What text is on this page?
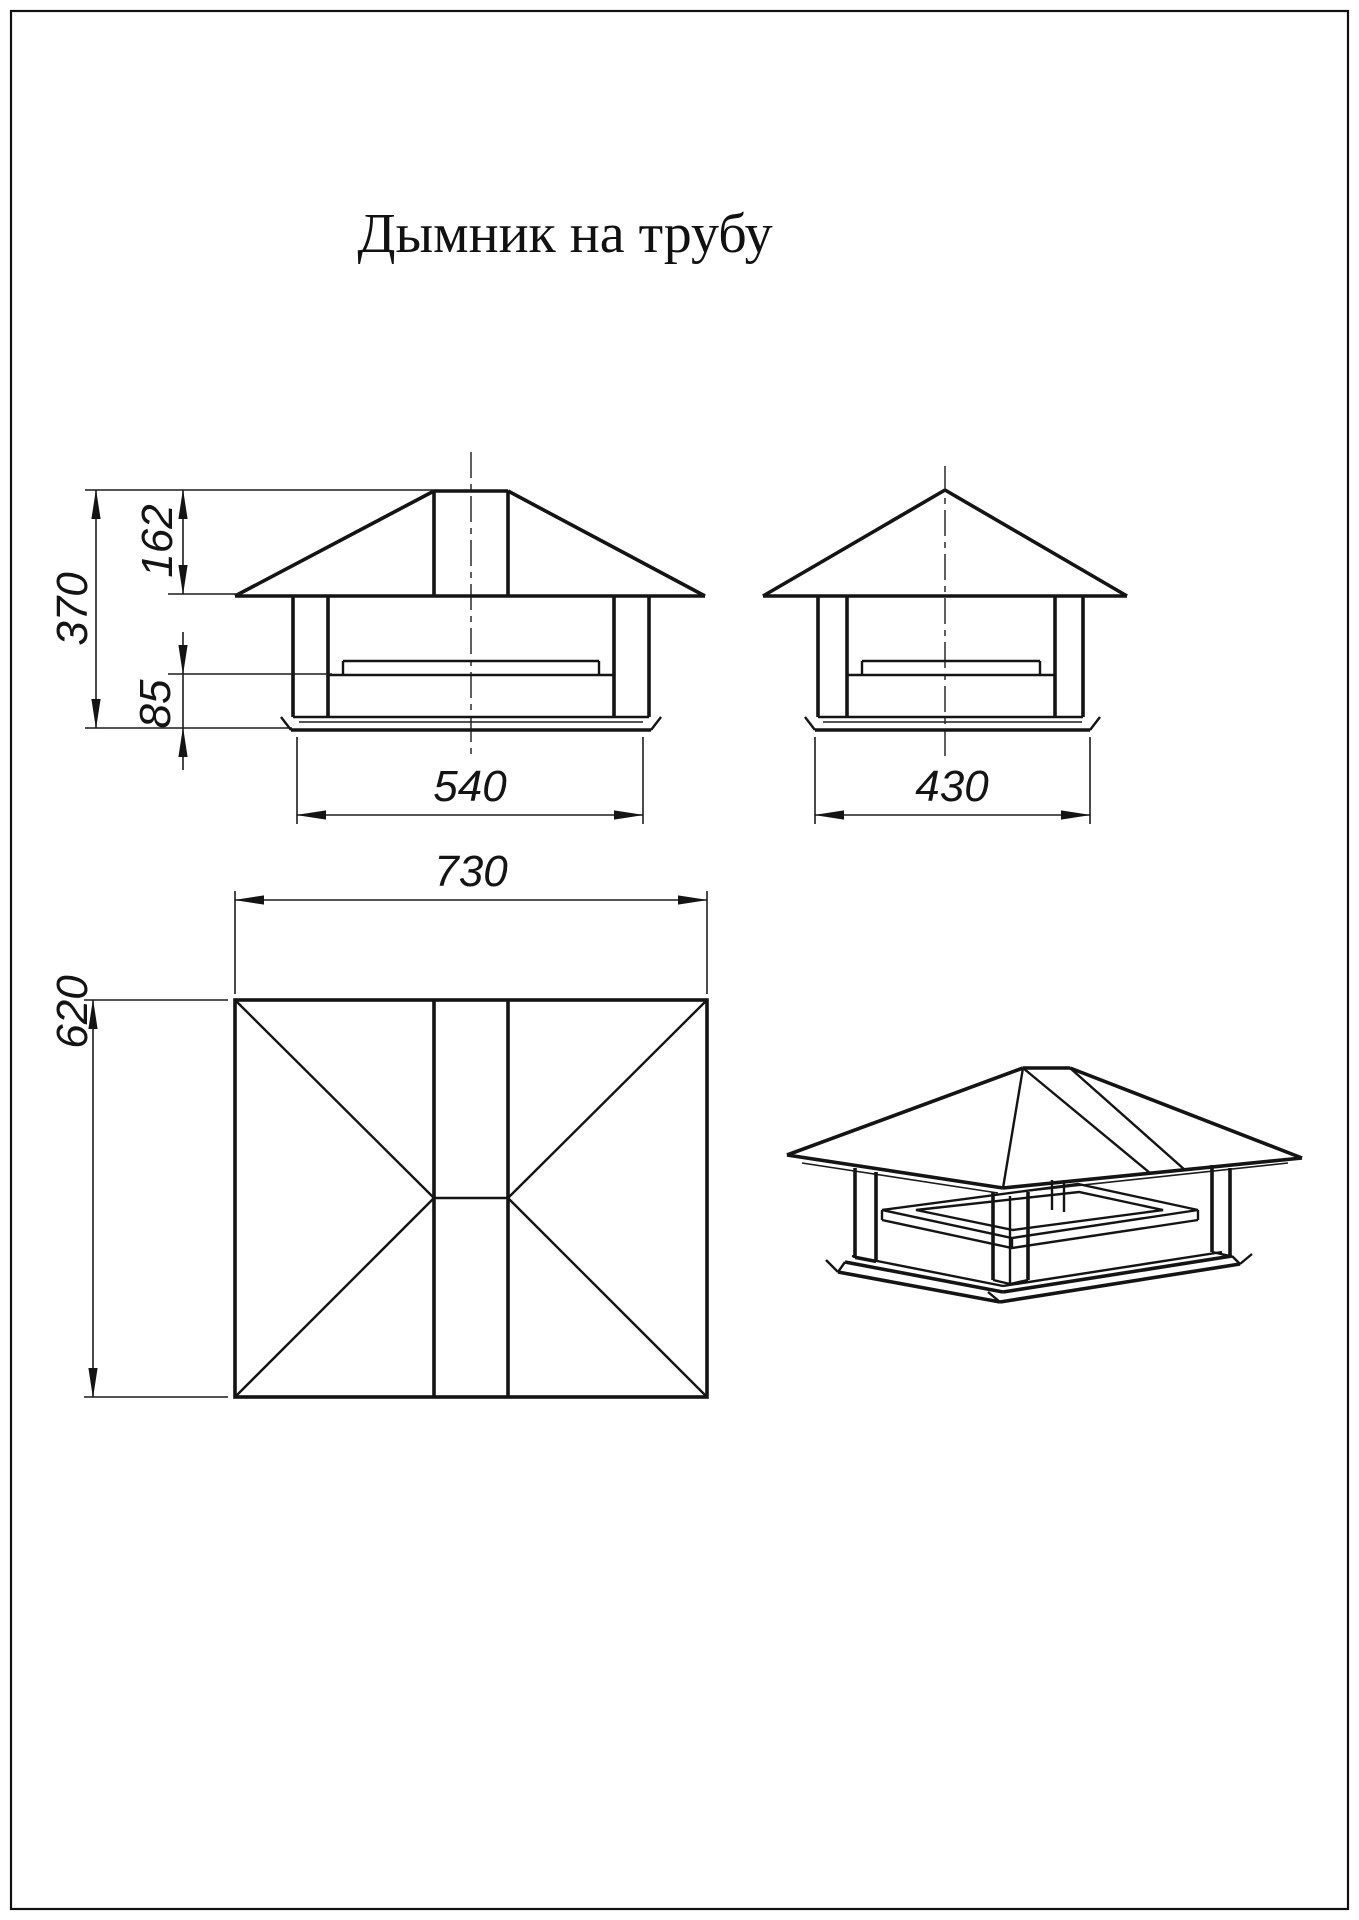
Дымник на трубу
370
162
85
540	430
730
620
